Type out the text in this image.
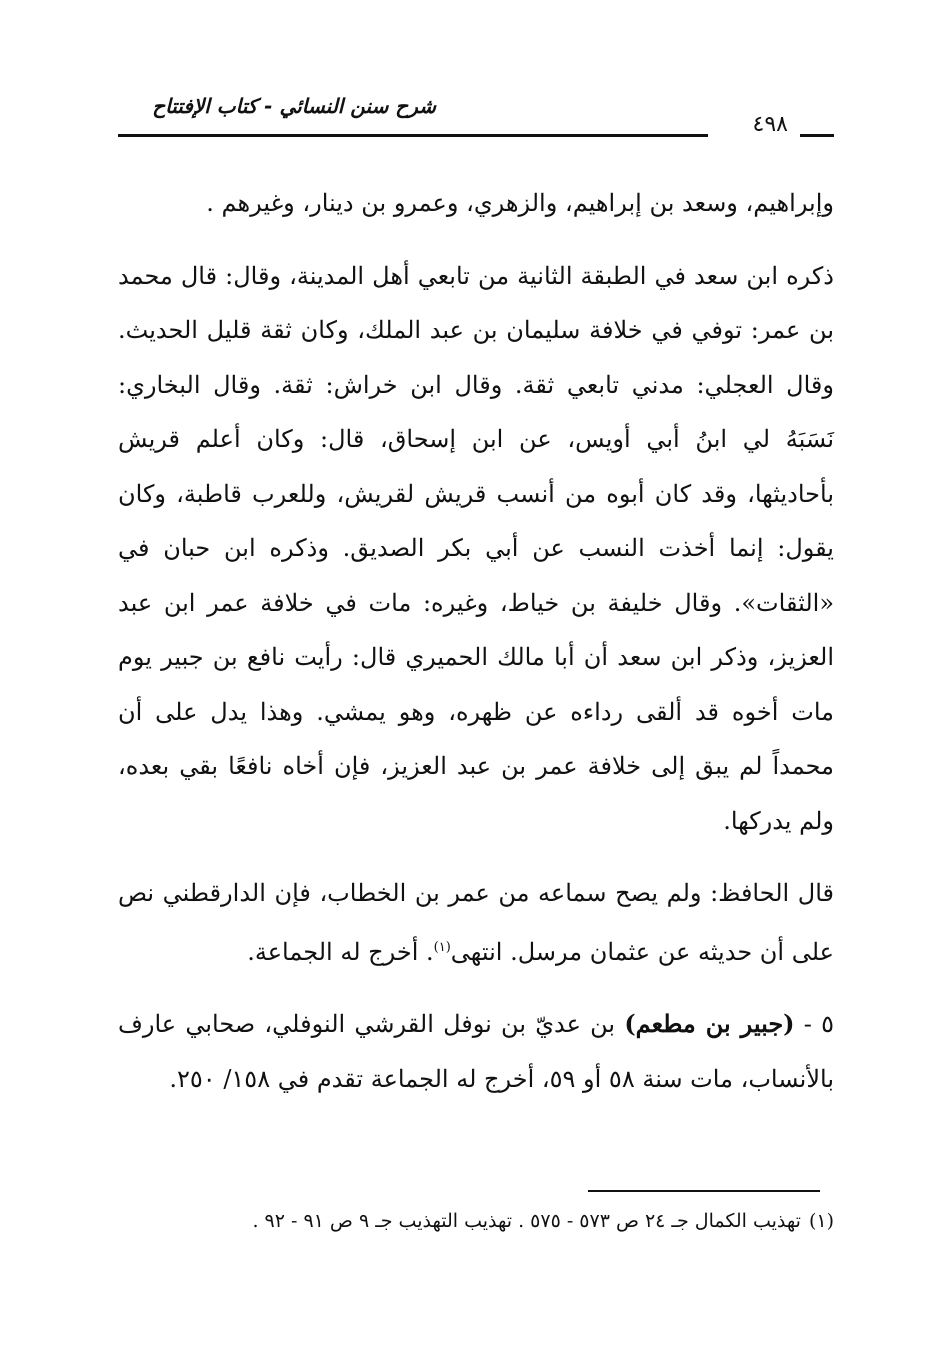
شرح سنن النسائي - كتاب الإفتتاح
٤٩٨

وإبراهيم، وسعد بن إبراهيم، والزهري، وعمرو بن دينار، وغيرهم .

ذكره ابن سعد في الطبقة الثانية من تابعي أهل المدينة، وقال: قال محمد بن عمر: توفي في خلافة سليمان بن عبد الملك، وكان ثقة قليل الحديث. وقال العجلي: مدني تابعي ثقة. وقال ابن خراش: ثقة. وقال البخاري: نَسَبَهُ لي ابنُ أبي أويس، عن ابن إسحاق، قال: وكان أعلم قريش بأحاديثها، وقد كان أبوه من أنسب قريش لقريش، وللعرب قاطبة، وكان يقول: إنما أخذت النسب عن أبي بكر الصديق. وذكره ابن حبان في «الثقات». وقال خليفة بن خياط، وغيره: مات في خلافة عمر ابن عبد العزيز، وذكر ابن سعد أن أبا مالك الحميري قال: رأيت نافع بن جبير يوم مات أخوه قد ألقى رداءه عن ظهره، وهو يمشي. وهذا يدل على أن محمداً لم يبق إلى خلافة عمر بن عبد العزيز، فإن أخاه نافعًا بقي بعده، ولم يدركها.

قال الحافظ: ولم يصح سماعه من عمر بن الخطاب، فإن الدارقطني نص على أن حديثه عن عثمان مرسل. انتهى$^{(١)}$. أخرج له الجماعة.

٥ - (جبير بن مطعم) بن عديّ بن نوفل القرشي النوفلي، صحابي عارف بالأنساب، مات سنة ٥٨ أو ٥٩، أخرج له الجماعة تقدم في ١٥٨/ ٢٥٠.

(١)تهذيب الكمال جـ ٢٤ ص ٥٧٣ - ٥٧٥ . تهذيب التهذيب جـ ٩ ص ٩١ - ٩٢ .
